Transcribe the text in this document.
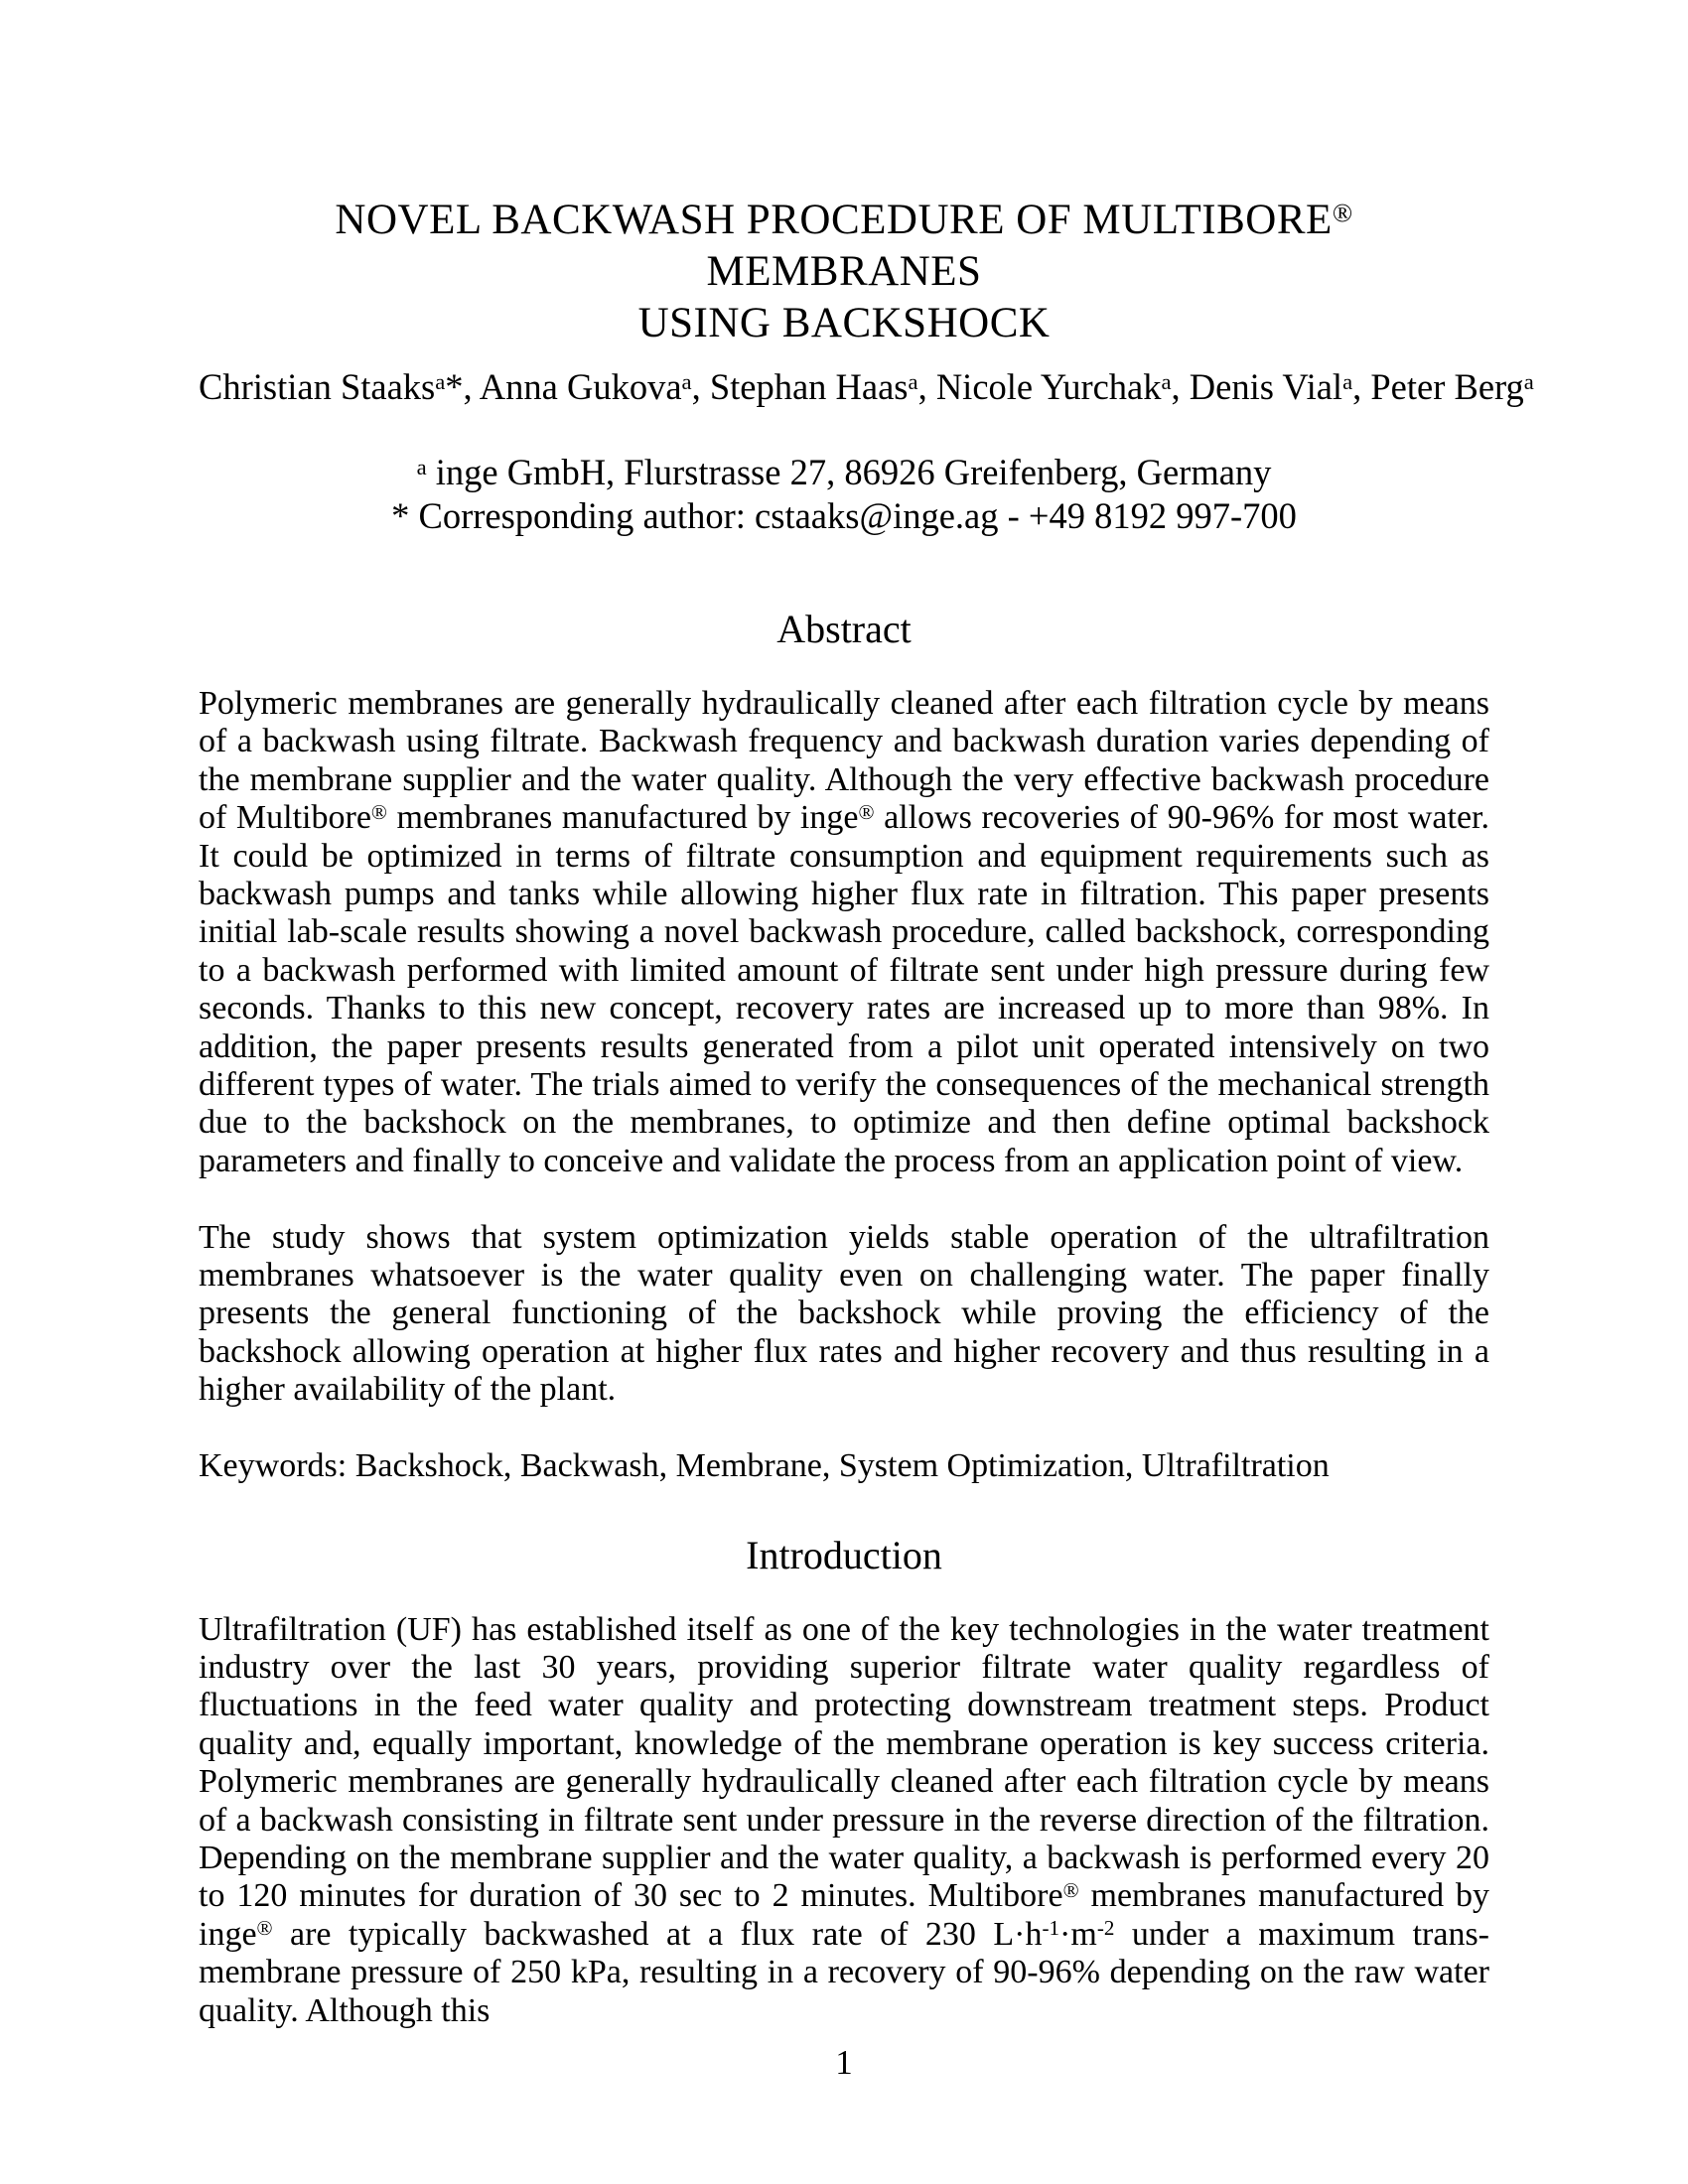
NOVEL BACKWASH PROCEDURE OF MULTIBORE® MEMBRANES
USING BACKSHOCK
Christian Staaks$^a$*, Anna Gukova$^a$, Stephan Haas$^a$, Nicole Yurchak$^a$, Denis Vial$^a$, Peter Berg$^a$
$^a$ inge GmbH, Flurstrasse 27, 86926 Greifenberg, Germany
* Corresponding author: cstaaks@inge.ag - +49 8192 997-700
Abstract

Polymeric membranes are generally hydraulically cleaned after each filtration cycle by means of a backwash using filtrate. Backwash frequency and backwash duration varies depending of the membrane supplier and the water quality. Although the very effective backwash procedure of Multibore® membranes manufactured by inge® allows recoveries of 90-96% for most water. It could be optimized in terms of filtrate consumption and equipment requirements such as backwash pumps and tanks while allowing higher flux rate in filtration. This paper presents initial lab-scale results showing a novel backwash procedure, called backshock, corresponding to a backwash performed with limited amount of filtrate sent under high pressure during few seconds. Thanks to this new concept, recovery rates are increased up to more than 98%. In addition, the paper presents results generated from a pilot unit operated intensively on two different types of water. The trials aimed to verify the consequences of the mechanical strength due to the backshock on the membranes, to optimize and then define optimal backshock parameters and finally to conceive and validate the process from an application point of view.

The study shows that system optimization yields stable operation of the ultrafiltration membranes whatsoever is the water quality even on challenging water. The paper finally presents the general functioning of the backshock while proving the efficiency of the backshock allowing operation at higher flux rates and higher recovery and thus resulting in a higher availability of the plant.

Keywords: Backshock, Backwash, Membrane, System Optimization, Ultrafiltration

Introduction

Ultrafiltration (UF) has established itself as one of the key technologies in the water treatment industry over the last 30 years, providing superior filtrate water quality regardless of fluctuations in the feed water quality and protecting downstream treatment steps. Product quality and, equally important, knowledge of the membrane operation is key success criteria. Polymeric membranes are generally hydraulically cleaned after each filtration cycle by means of a backwash consisting in filtrate sent under pressure in the reverse direction of the filtration. Depending on the membrane supplier and the water quality, a backwash is performed every 20 to 120 minutes for duration of 30 sec to 2 minutes. Multibore® membranes manufactured by inge® are typically backwashed at a flux rate of 230 $L\cdot h^{-1}\cdot m^{-2}$ under a maximum trans-membrane pressure of 250 kPa, resulting in a recovery of 90-96% depending on the raw water quality. Although this

1
